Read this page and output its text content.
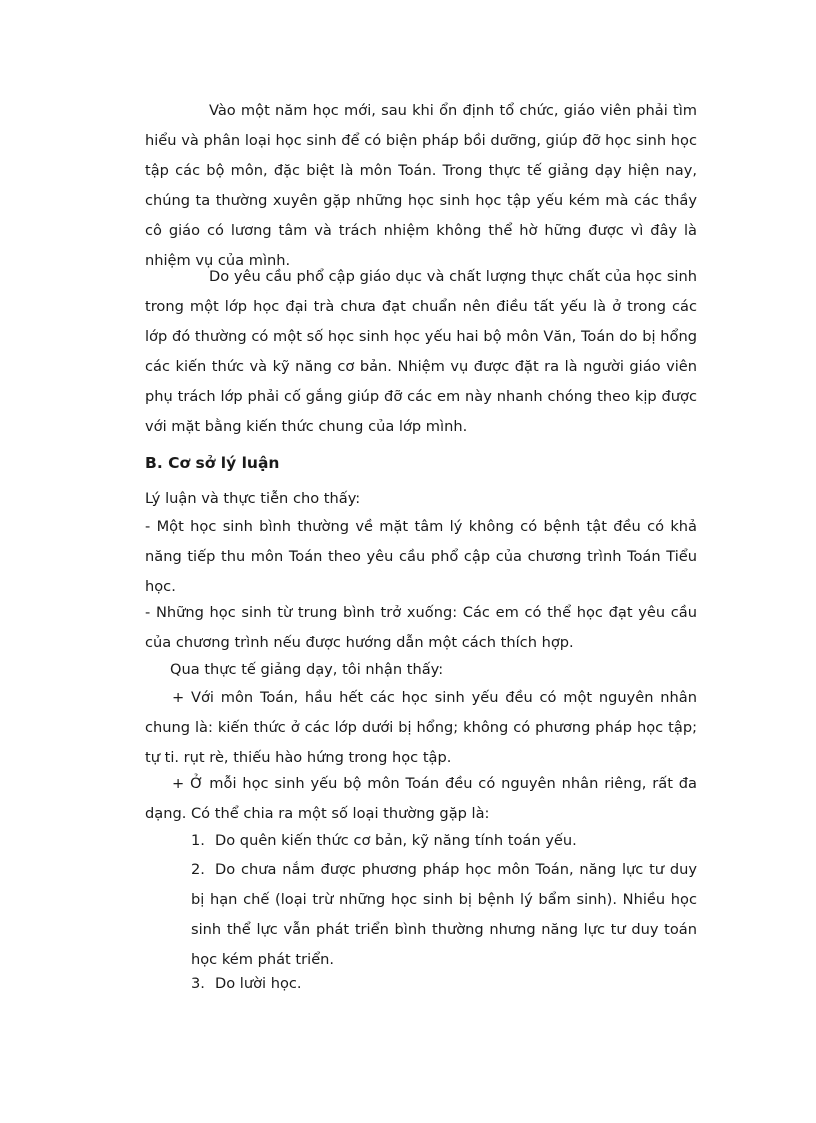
Vào một năm học mới, sau khi ổn định tổ chức, giáo viên phải tìm hiểu và phân loại học sinh để có biện pháp bồi dưỡng, giúp đỡ học sinh học tập các bộ môn, đặc biệt là môn Toán. Trong thực tế giảng dạy hiện nay, chúng ta thường xuyên gặp những học sinh học tập yếu kém mà các thầy cô giáo có lương tâm và trách nhiệm không thể hờ hững được vì đây là nhiệm vụ của mình.

Do yêu cầu phổ cập giáo dục và chất lượng thực chất của học sinh trong một lớp học đại trà chưa đạt chuẩn nên điều tất yếu là ở trong các lớp đó thường có một số học sinh học yếu hai bộ môn Văn, Toán do bị hổng các kiến thức và kỹ năng cơ bản. Nhiệm vụ được đặt ra là người giáo viên phụ trách lớp phải cố gắng giúp đỡ các em này nhanh chóng theo kịp được với mặt bằng kiến thức chung của lớp mình.

B. Cơ sở lý luận

Lý luận và thực tiễn cho thấy:

- Một học sinh bình thường về mặt tâm lý không có bệnh tật đều có khả năng tiếp thu môn Toán theo yêu cầu phổ cập của chương trình Toán Tiểu học.

- Những học sinh từ trung bình trở xuống: Các em có thể học đạt yêu cầu của chương trình nếu được hướng dẫn một cách thích hợp.

Qua thực tế giảng dạy, tôi nhận thấy:

+ Với môn Toán, hầu hết các học sinh yếu đều có một nguyên nhân chung là: kiến thức ở các lớp dưới bị hổng; không có phương pháp học tập; tự ti. rụt rè, thiếu hào hứng trong học tập.

+ Ở mỗi học sinh yếu bộ môn Toán đều có nguyên nhân riêng, rất đa dạng. Có thể chia ra một số loại thường gặp là:

1. Do quên kiến thức cơ bản, kỹ năng tính toán yếu.

2. Do chưa nắm được phương pháp học môn Toán, năng lực tư duy bị hạn chế (loại trừ những học sinh bị bệnh lý bẩm sinh). Nhiều học sinh thể lực vẫn phát triển bình thường nhưng năng lực tư duy toán học kém phát triển.

3. Do lười học.
